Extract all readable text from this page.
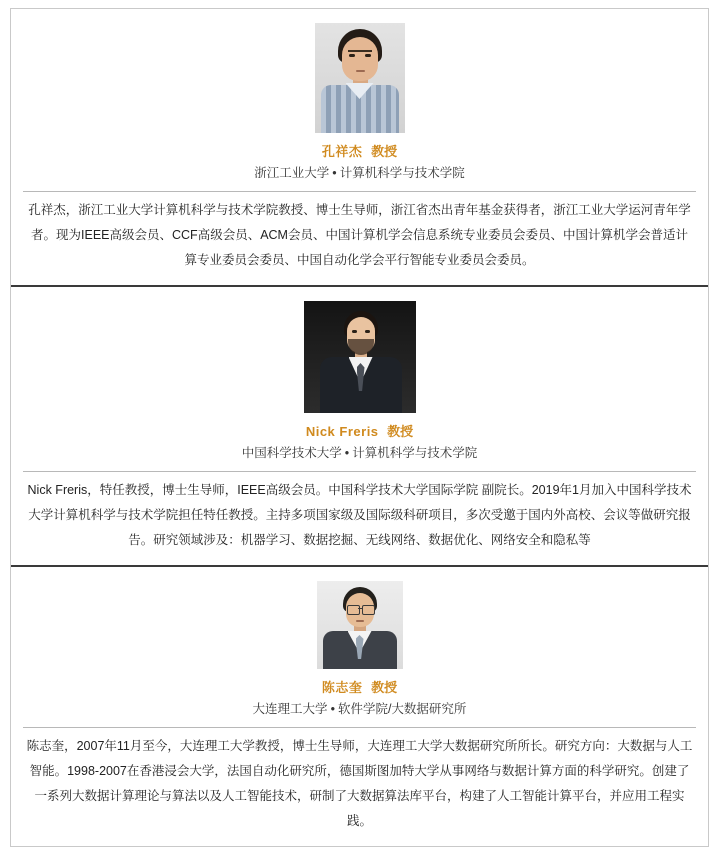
孔祥杰 教授
浙江工业大学 • 计算机科学与技术学院

孔祥杰，浙江工业大学计算机科学与技术学院教授、博士生导师，浙江省杰出青年基金获得者，浙江工业大学运河青年学者。现为IEEE高级会员、CCF高级会员、ACM会员、中国计算机学会信息系统专业委员会委员、中国计算机学会普适计算专业委员会委员、中国自动化学会平行智能专业委员会委员。

Nick Freris 教授
中国科学技术大学 • 计算机科学与技术学院

Nick Freris，特任教授，博士生导师，IEEE高级会员。中国科学技术大学国际学院 副院长。2019年1月加入中国科学技术大学计算机科学与技术学院担任特任教授。主持多项国家级及国际级科研项目，多次受邀于国内外高校、会议等做研究报告。研究领域涉及：机器学习、数据挖掘、无线网络、数据优化、网络安全和隐私等

陈志奎 教授
大连理工大学 • 软件学院/大数据研究所

陈志奎，2007年11月至今，大连理工大学教授，博士生导师，大连理工大学大数据研究所所长。研究方向：大数据与人工智能。1998-2007在香港浸会大学，法国自动化研究所，德国斯图加特大学从事网络与数据计算方面的科学研究。创建了一系列大数据计算理论与算法以及人工智能技术，研制了大数据算法库平台，构建了人工智能计算平台，并应用工程实践。
